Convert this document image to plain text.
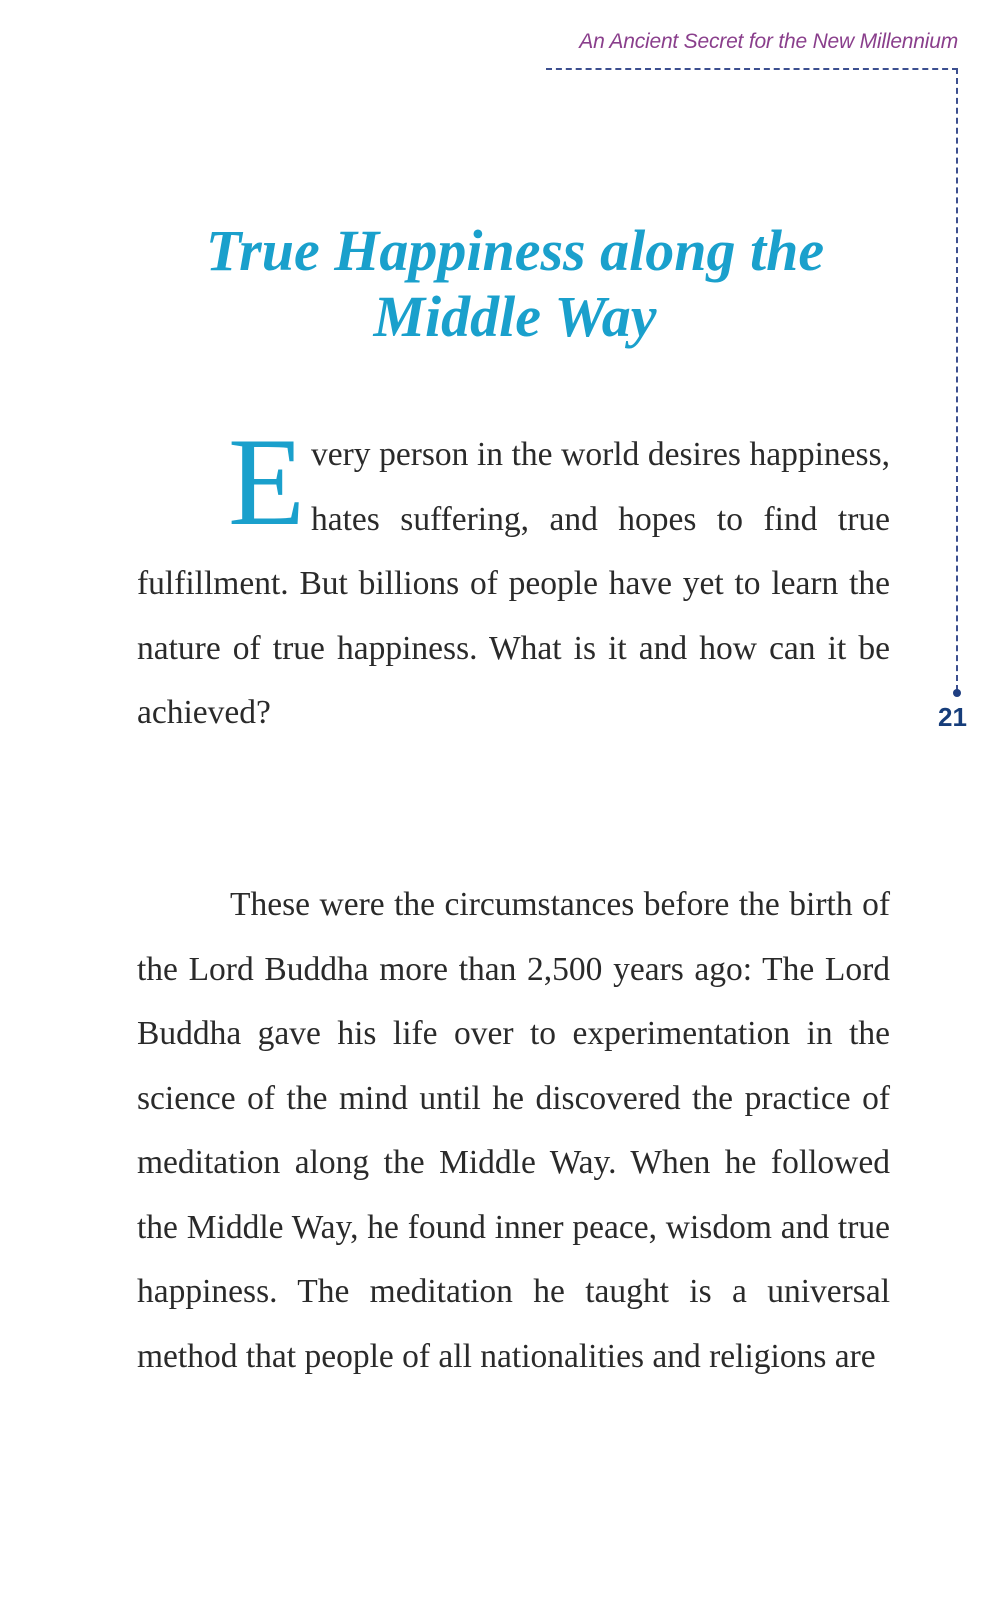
An Ancient Secret for the New Millennium
21
True Happiness along the Middle Way

Every person in the world desires happiness, hates suffering, and hopes to find true fulfillment. But billions of people have yet to learn the nature of true happiness. What is it and how can it be achieved?

These were the circumstances before the birth of the Lord Buddha more than 2,500 years ago: The Lord Buddha gave his life over to experimentation in the science of the mind until he discovered the practice of meditation along the Middle Way. When he followed the Middle Way, he found inner peace, wisdom and true happiness. The meditation he taught is a universal method that people of all nationalities and religions are
